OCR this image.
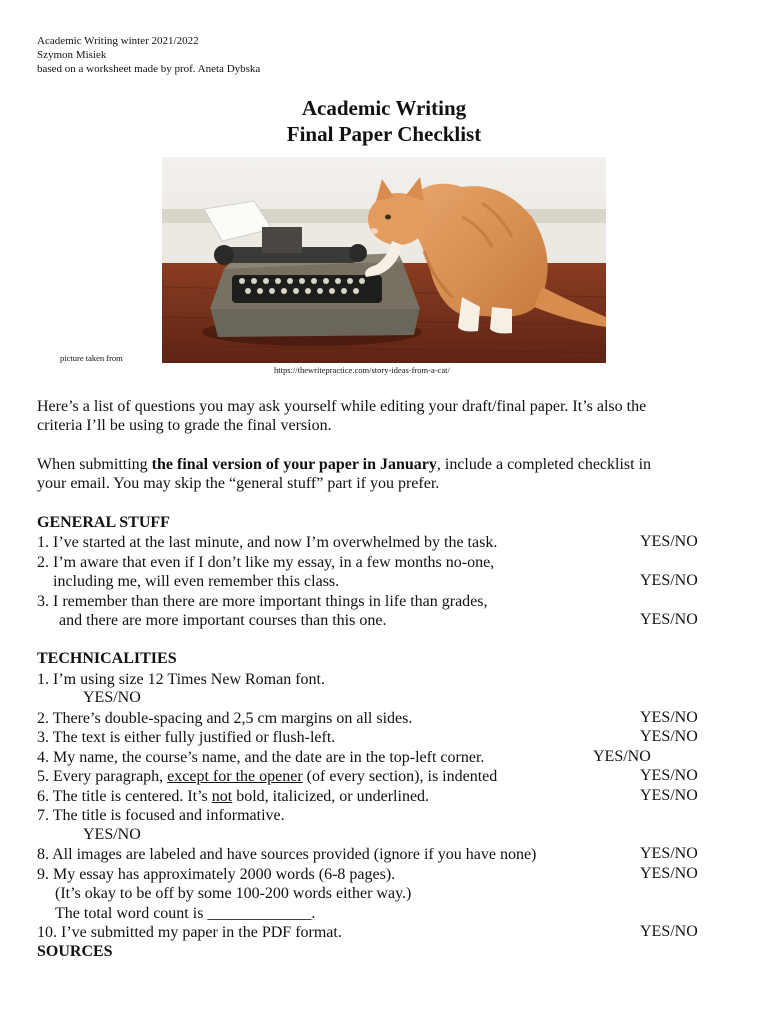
Academic Writing winter 2021/2022
Szymon Misiek
based on a worksheet made by prof. Aneta Dybska
Academic Writing
Final Paper Checklist
picture taken from
https://thewritepractice.com/story-ideas-from-a-cat/
Here’s a list of questions you may ask yourself while editing your draft/final paper. It’s also the
criteria I’ll be using to grade the final version.
When submitting the final version of your paper in January, include a completed checklist in
your email. You may skip the “general stuff” part if you prefer.
GENERAL STUFF
1. I’ve started at the last minute, and now I’m overwhelmed by the task.	YES/NO
2. I’m aware that even if I don’t like my essay, in a few months no-one,
including me, will even remember this class.	YES/NO
3. I remember than there are more important things in life than grades,
and there are more important courses than this one.	YES/NO
TECHNICALITIES
1. I’m using size 12 Times New Roman font.
YES/NO
2. There’s double-spacing and 2,5 cm margins on all sides.	YES/NO
3. The text is either fully justified or flush-left.	YES/NO
4. My name, the course’s name, and the date are in the top-left corner.	YES/NO
5. Every paragraph, except for the opener (of every section), is indented	YES/NO
6. The title is centered. It’s not bold, italicized, or underlined.	YES/NO
7. The title is focused and informative.
YES/NO
8. All images are labeled and have sources provided (ignore if you have none)	YES/NO
9. My essay has approximately 2000 words (6-8 pages).	YES/NO
(It’s okay to be off by some 100-200 words either way.)
The total word count is _____________.
10. I’ve submitted my paper in the PDF format.	YES/NO
SOURCES
